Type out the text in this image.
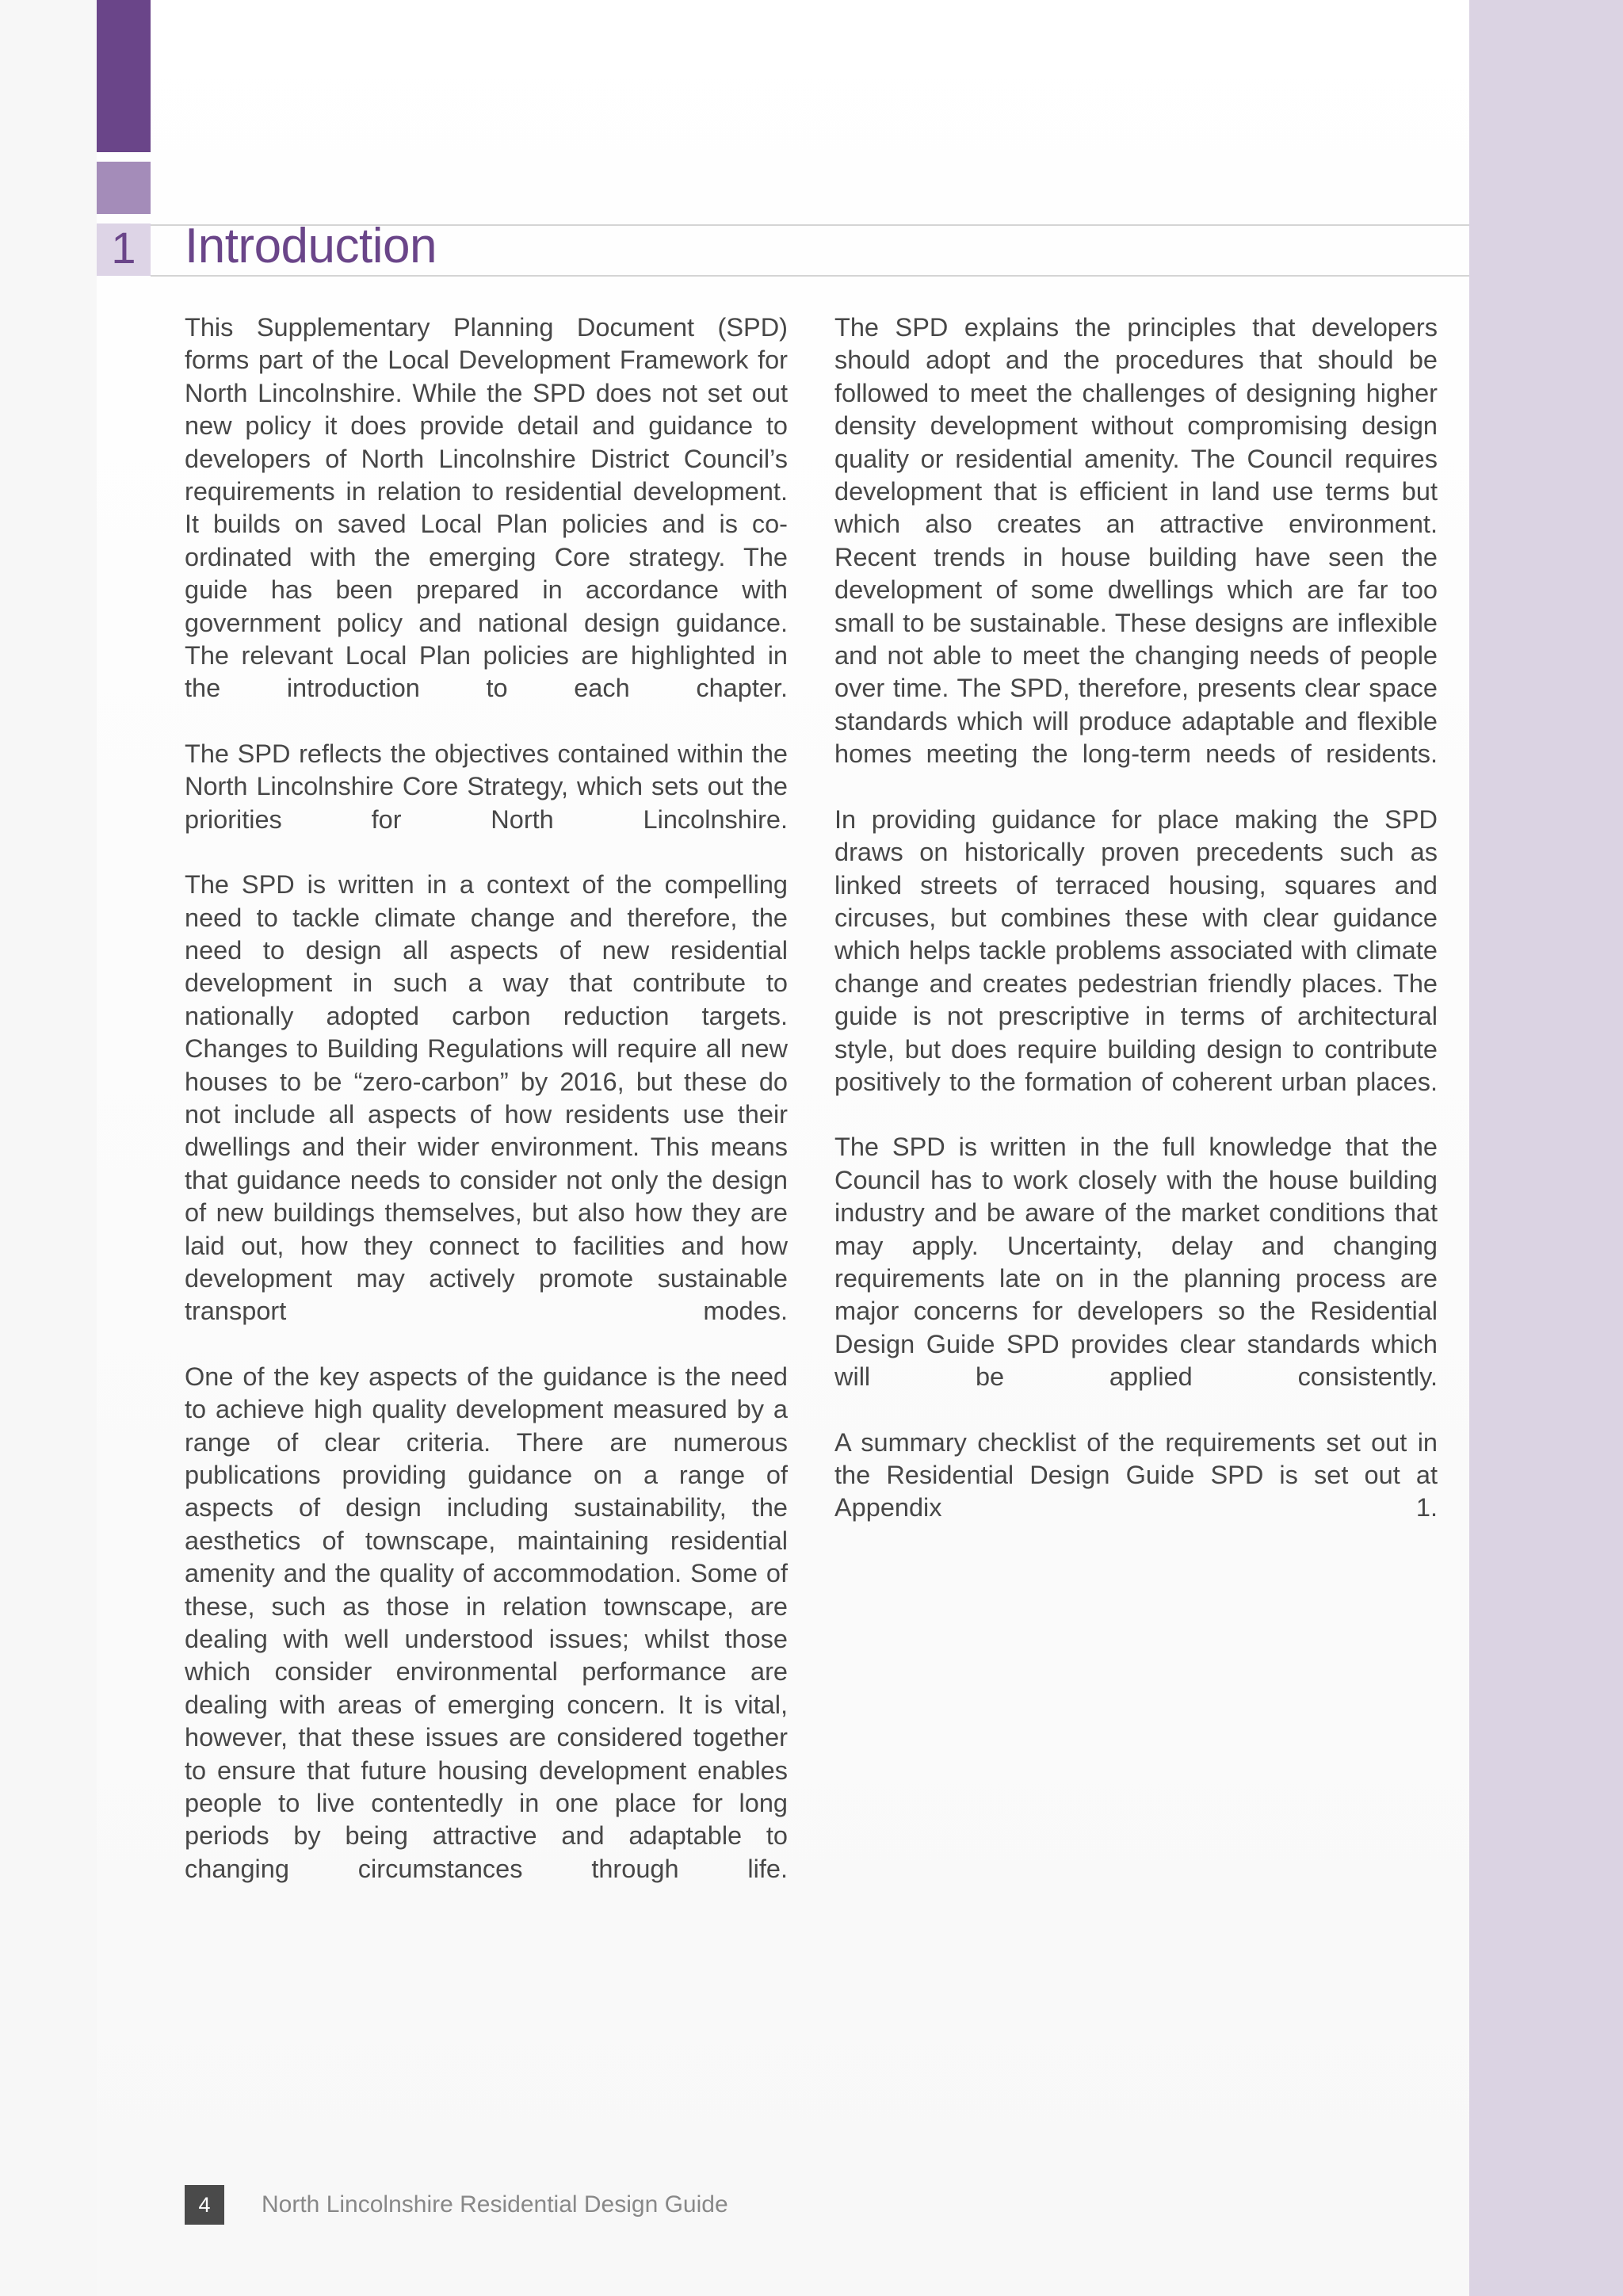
1 Introduction

This Supplementary Planning Document (SPD) forms part of the Local Development Framework for North Lincolnshire. While the SPD does not set out new policy it does provide detail and guidance to developers of North Lincolnshire District Council’s requirements in relation to residential development. It builds on saved Local Plan policies and is co-ordinated with the emerging Core strategy. The guide has been prepared in accordance with government policy and national design guidance. The relevant Local Plan policies are highlighted in the introduction to each chapter.

The SPD reflects the objectives contained within the North Lincolnshire Core Strategy, which sets out the priorities for North Lincolnshire.

The SPD is written in a context of the compelling need to tackle climate change and therefore, the need to design all aspects of new residential development in such a way that contribute to nationally adopted carbon reduction targets. Changes to Building Regulations will require all new houses to be “zero-carbon” by 2016, but these do not include all aspects of how residents use their dwellings and their wider environment. This means that guidance needs to consider not only the design of new buildings themselves, but also how they are laid out, how they connect to facilities and how development may actively promote sustainable transport modes.

One of the key aspects of the guidance is the need to achieve high quality development measured by a range of clear criteria. There are numerous publications providing guidance on a range of aspects of design including sustainability, the aesthetics of townscape, maintaining residential amenity and the quality of accommodation. Some of these, such as those in relation townscape, are dealing with well understood issues; whilst those which consider environmental performance are dealing with areas of emerging concern. It is vital, however, that these issues are considered together to ensure that future housing development enables people to live contentedly in one place for long periods by being attractive and adaptable to changing circumstances through life.

The SPD explains the principles that developers should adopt and the procedures that should be followed to meet the challenges of designing higher density development without compromising design quality or residential amenity. The Council requires development that is efficient in land use terms but which also creates an attractive environment. Recent trends in house building have seen the development of some dwellings which are far too small to be sustainable. These designs are inflexible and not able to meet the changing needs of people over time. The SPD, therefore, presents clear space standards which will produce adaptable and flexible homes meeting the long-term needs of residents.

In providing guidance for place making the SPD draws on historically proven precedents such as linked streets of terraced housing, squares and circuses, but combines these with clear guidance which helps tackle problems associated with climate change and creates pedestrian friendly places. The guide is not prescriptive in terms of architectural style, but does require building design to contribute positively to the formation of coherent urban places.

The SPD is written in the full knowledge that the Council has to work closely with the house building industry and be aware of the market conditions that may apply. Uncertainty, delay and changing requirements late on in the planning process are major concerns for developers so the Residential Design Guide SPD provides clear standards which will be applied consistently.

A summary checklist of the requirements set out in the Residential Design Guide SPD is set out at Appendix 1.

4	North Lincolnshire Residential Design Guide
